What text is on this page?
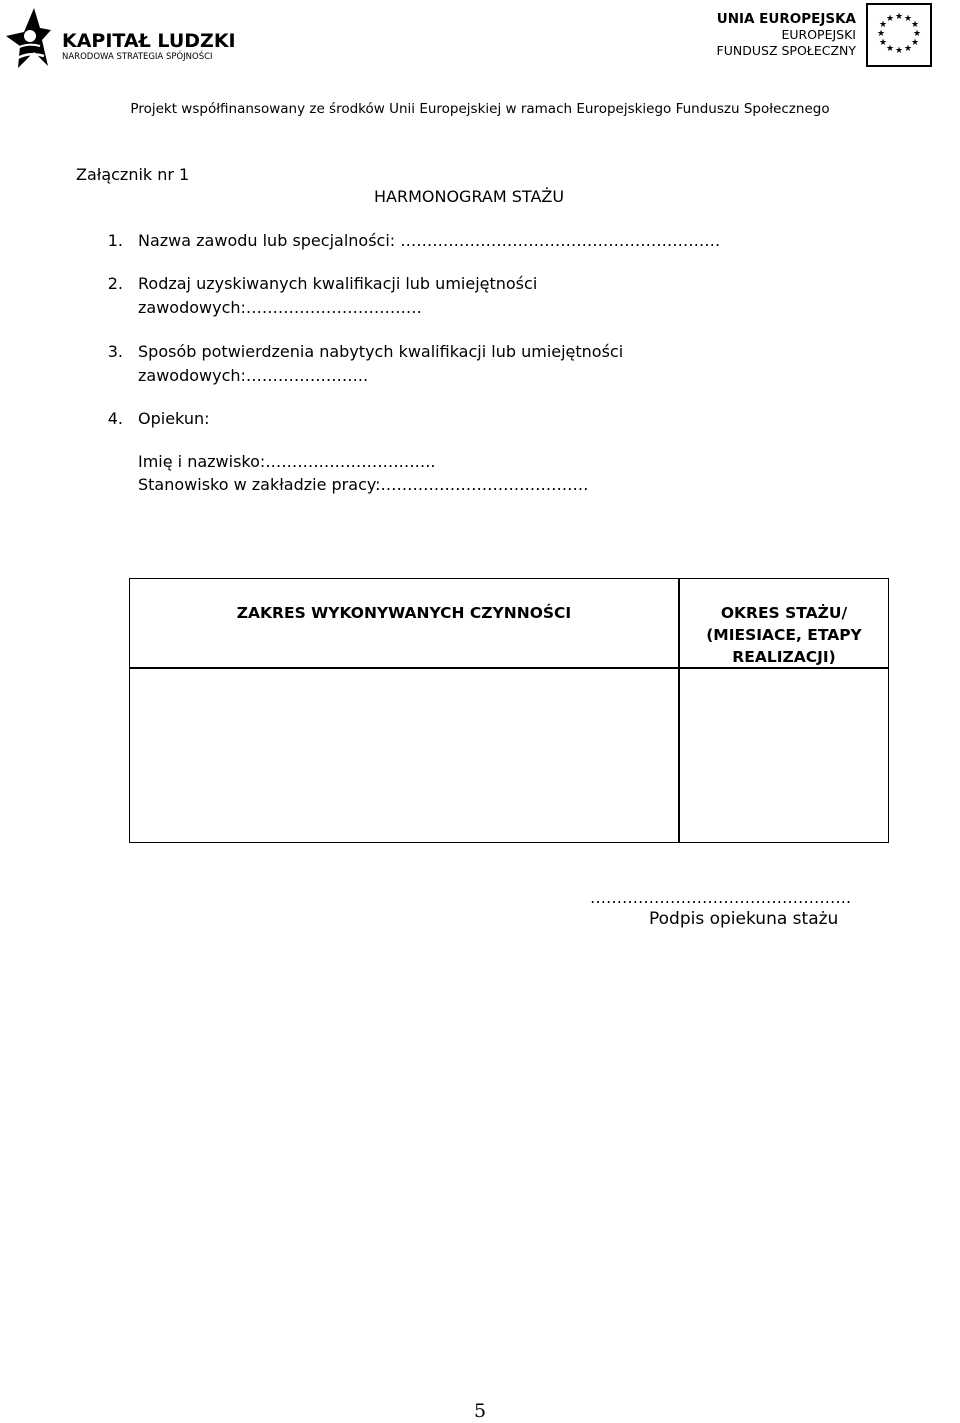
KAPITAŁ LUDZKI
NARODOWA STRATEGIA SPÓJNOŚCI
UNIA EUROPEJSKA
EUROPEJSKI
FUNDUSZ SPOŁECZNY
★ ★
★
★
★
★
★
★
★
★
★
★
Projekt współfinansowany ze środków Unii Europejskiej w ramach Europejskiego Funduszu Społecznego
Załącznik nr 1
HARMONOGRAM STAŻU
1. Nazwa zawodu lub specjalności: ……………………………………………………
2. Rodzaj uzyskiwanych kwalifikacji lub umiejętności
zawodowych:……………………………
3. Sposób potwierdzenia nabytych kwalifikacji lub umiejętności
zawodowych:…………………..
4. Opiekun:
Imię i nazwisko:…………………………..
Stanowisko w zakładzie pracy:…………………………………
ZAKRES WYKONYWANYCH CZYNNOŚCI	OKRES STAŻU/
(MIESIACE, ETAPY
REALIZACJI)
………………………………………….
Podpis opiekuna stażu
5
